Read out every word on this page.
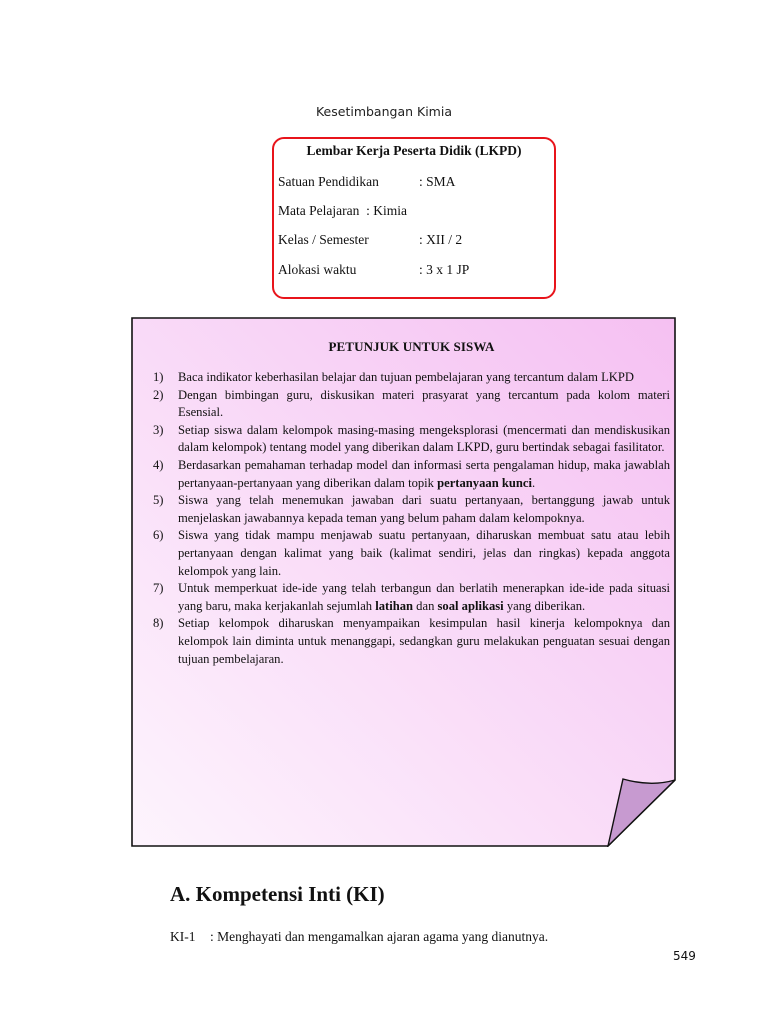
Kesetimbangan Kimia
Lembar Kerja Peserta Didik (LKPD)
Satuan Pendidikan	: SMA
Mata Pelajaran  : Kimia
Kelas / Semester	: XII / 2
Alokasi waktu	: 3 x 1 JP
PETUNJUK UNTUK SISWA
1) Baca indikator keberhasilan belajar dan tujuan pembelajaran yang tercantum dalam LKPD
2) Dengan bimbingan guru, diskusikan materi prasyarat yang tercantum pada kolom materi Esensial.
3) Setiap siswa dalam kelompok masing-masing mengeksplorasi (mencermati dan mendiskusikan dalam kelompok) tentang model yang diberikan dalam LKPD, guru bertindak sebagai fasilitator.
4) Berdasarkan pemahaman terhadap model dan informasi serta pengalaman hidup, maka jawablah pertanyaan-pertanyaan yang diberikan dalam topik pertanyaan kunci.
5) Siswa yang telah menemukan jawaban dari suatu pertanyaan, bertanggung jawab untuk menjelaskan jawabannya kepada teman yang belum paham dalam kelompoknya.
6) Siswa yang tidak mampu menjawab suatu pertanyaan, diharuskan membuat satu atau lebih pertanyaan dengan kalimat yang baik (kalimat sendiri, jelas dan ringkas) kepada anggota kelompok yang lain.
7) Untuk memperkuat ide-ide yang telah terbangun dan berlatih menerapkan ide-ide pada situasi yang baru, maka kerjakanlah sejumlah latihan dan soal aplikasi yang diberikan.
8) Setiap kelompok diharuskan menyampaikan kesimpulan hasil kinerja kelompoknya dan kelompok lain diminta untuk menanggapi, sedangkan guru melakukan penguatan sesuai dengan tujuan pembelajaran.
A. Kompetensi Inti (KI)
KI-1 : Menghayati dan mengamalkan ajaran agama yang dianutnya.
549
